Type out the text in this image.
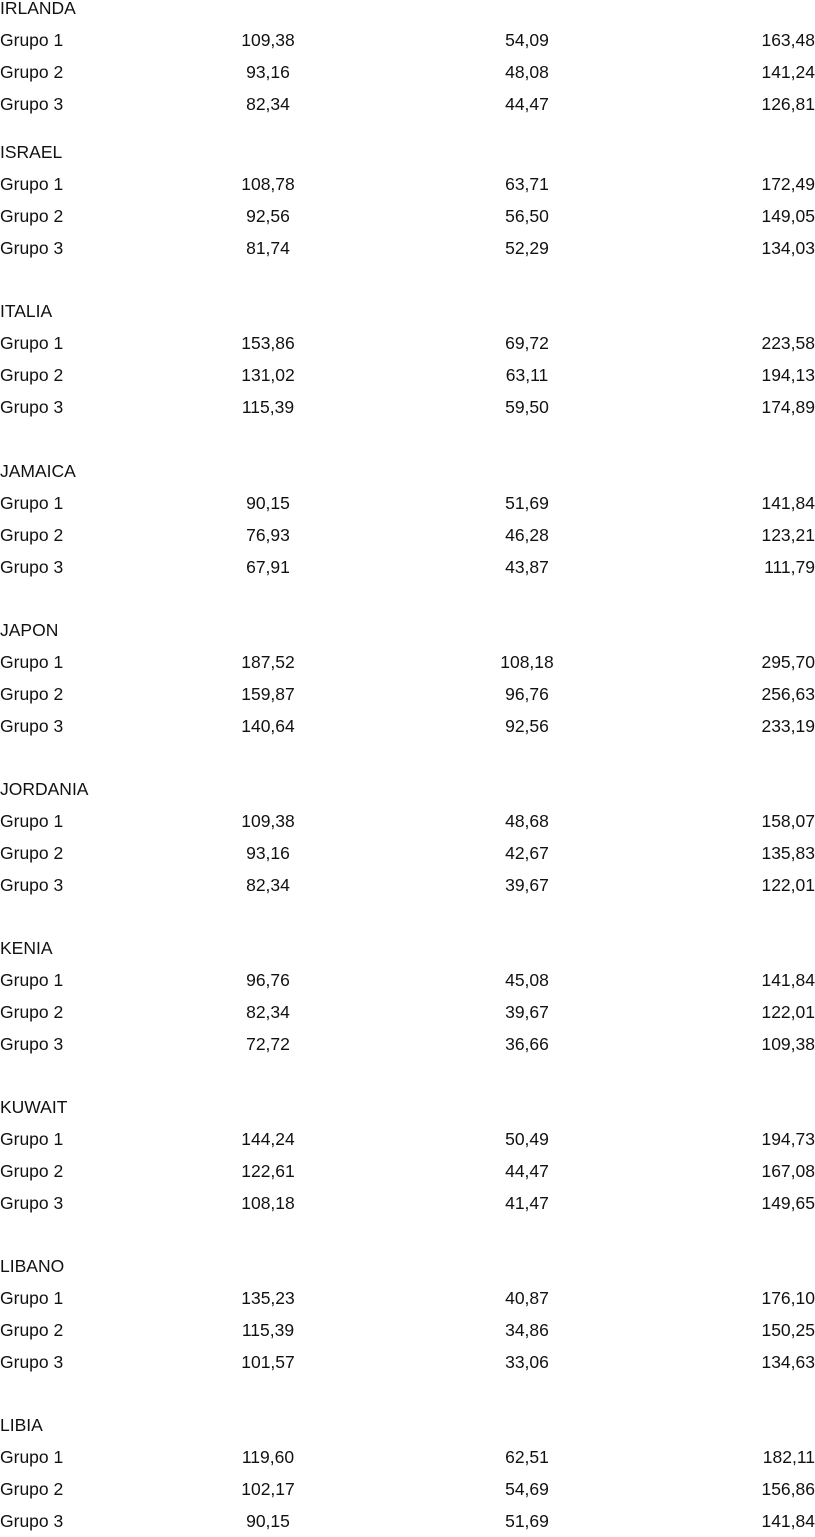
IRLANDA
Grupo 1	109,38	54,09	163,48
Grupo 2	93,16	48,08	141,24
Grupo 3	82,34	44,47	126,81
ISRAEL
Grupo 1	108,78	63,71	172,49
Grupo 2	92,56	56,50	149,05
Grupo 3	81,74	52,29	134,03
ITALIA
Grupo 1	153,86	69,72	223,58
Grupo 2	131,02	63,11	194,13
Grupo 3	115,39	59,50	174,89
JAMAICA
Grupo 1	90,15	51,69	141,84
Grupo 2	76,93	46,28	123,21
Grupo 3	67,91	43,87	111,79
JAPON
Grupo 1	187,52	108,18	295,70
Grupo 2	159,87	96,76	256,63
Grupo 3	140,64	92,56	233,19
JORDANIA
Grupo 1	109,38	48,68	158,07
Grupo 2	93,16	42,67	135,83
Grupo 3	82,34	39,67	122,01
KENIA
Grupo 1	96,76	45,08	141,84
Grupo 2	82,34	39,67	122,01
Grupo 3	72,72	36,66	109,38
KUWAIT
Grupo 1	144,24	50,49	194,73
Grupo 2	122,61	44,47	167,08
Grupo 3	108,18	41,47	149,65
LIBANO
Grupo 1	135,23	40,87	176,10
Grupo 2	115,39	34,86	150,25
Grupo 3	101,57	33,06	134,63
LIBIA
Grupo 1	119,60	62,51	182,11
Grupo 2	102,17	54,69	156,86
Grupo 3	90,15	51,69	141,84
